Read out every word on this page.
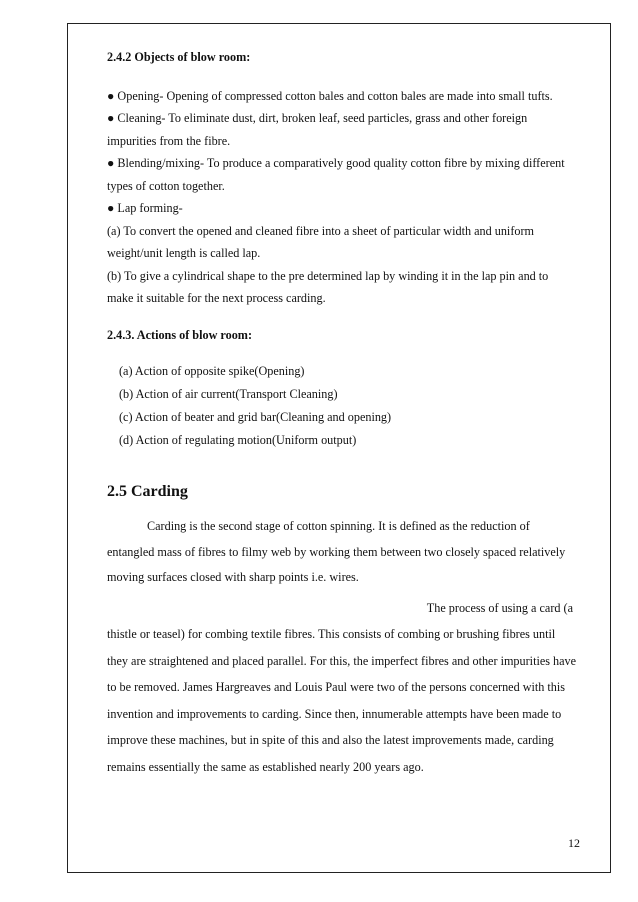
2.4.2 Objects of blow room:

● Opening- Opening of compressed cotton bales and cotton bales are made into small tufts.

● Cleaning- To eliminate dust, dirt, broken leaf, seed particles, grass and other foreign impurities from the fibre.

● Blending/mixing- To produce a comparatively good quality cotton fibre by mixing different types of cotton together.

● Lap forming-

(a) To convert the opened and cleaned fibre into a sheet of particular width and uniform weight/unit length is called lap.

(b) To give a cylindrical shape to the pre determined lap by winding it in the lap pin and to make it suitable for the next process carding.

2.4.3. Actions of blow room:

(a) Action of opposite spike(Opening)

(b) Action of air current(Transport Cleaning)

(c) Action of beater and grid bar(Cleaning and opening)

(d) Action of regulating motion(Uniform output)

2.5 Carding

Carding is the second stage of cotton spinning. It is defined as the reduction of entangled mass of fibres to filmy web by working them between two closely spaced relatively moving surfaces closed with sharp points i.e. wires.

The process of using a card (a
thistle or teasel) for combing textile fibres. This consists of combing or brushing fibres until they are straightened and placed parallel. For this, the imperfect fibres and other impurities have to be removed. James Hargreaves and Louis Paul were two of the persons concerned with this invention and improvements to carding. Since then, innumerable attempts have been made to improve these machines, but in spite of this and also the latest improvements made, carding remains essentially the same as established nearly 200 years ago.

12
